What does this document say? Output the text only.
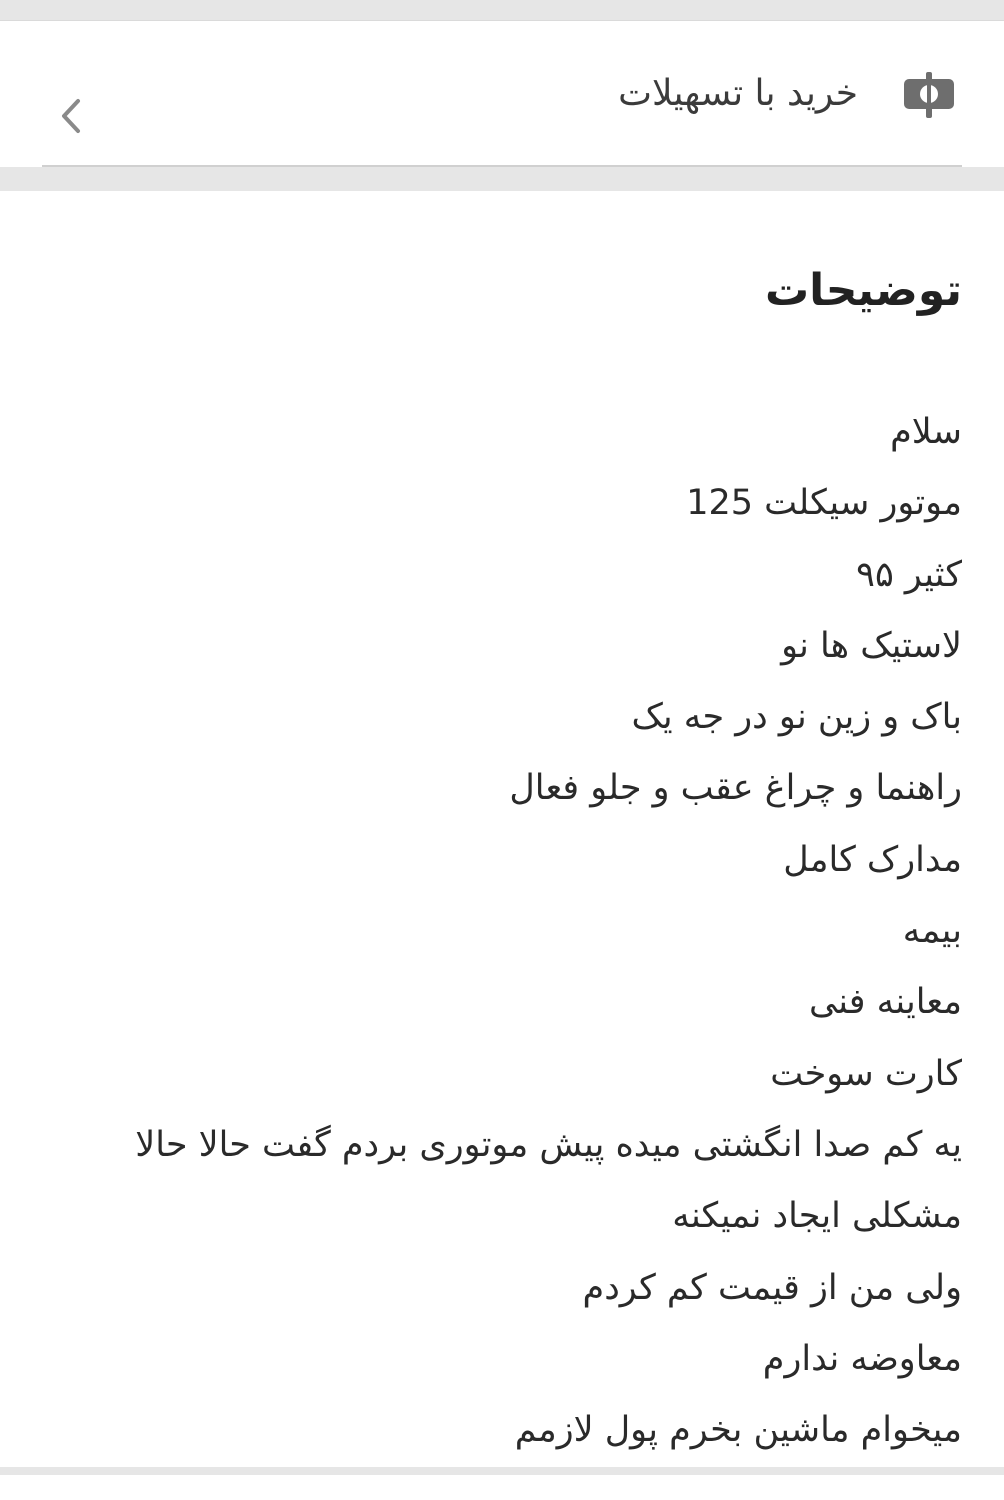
خرید با تسهیلات
توضیحات
سلام
موتور سیکلت 125
کثیر ۹۵
لاستیک ها نو
باک و زین نو در جه یک
راهنما و چراغ عقب و جلو فعال
مدارک کامل
بیمه
معاینه فنی
کارت سوخت
یه کم صدا انگشتی میده پیش موتوری بردم گفت حالا حالا
مشکلی ایجاد نمیکنه
ولی من از قیمت کم کردم
معاوضه ندارم
میخوام ماشین بخرم پول لازمم
